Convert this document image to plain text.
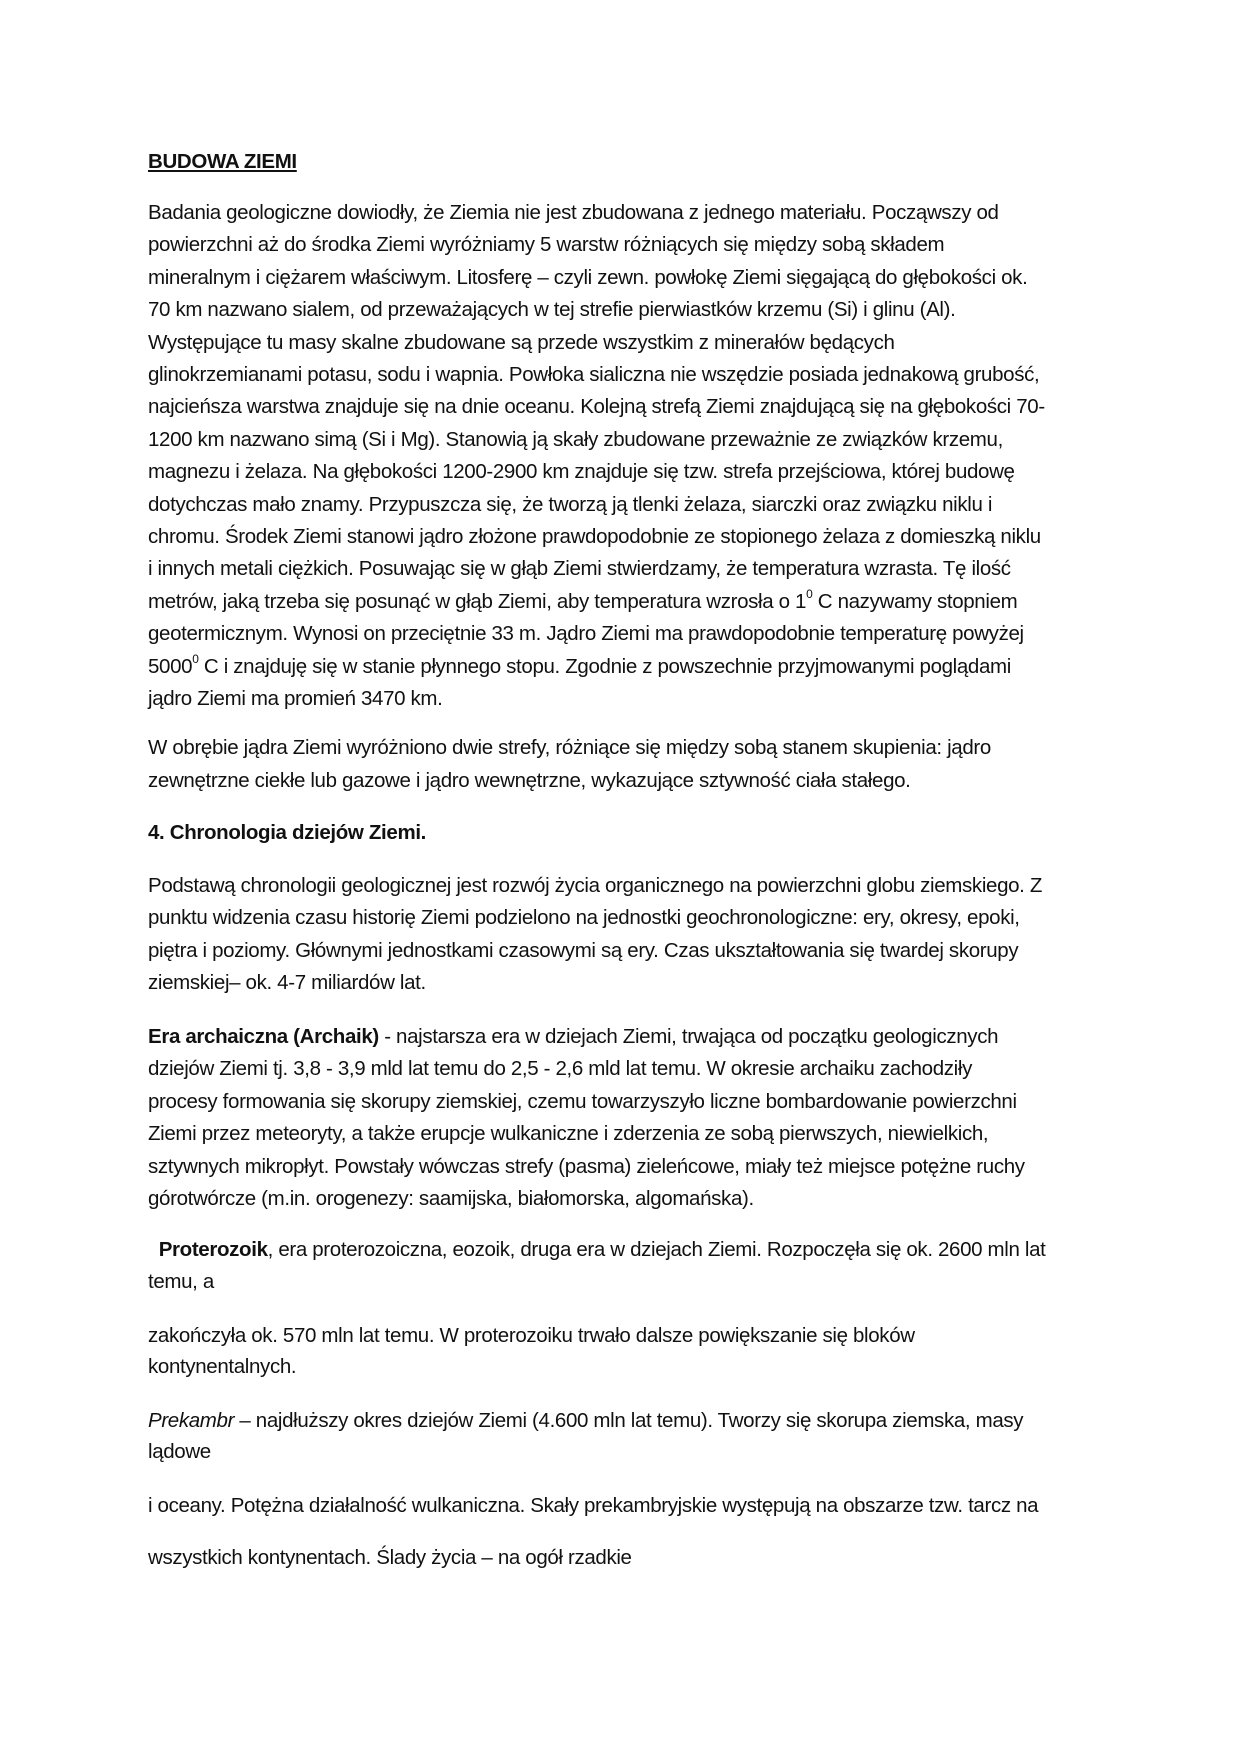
BUDOWA ZIEMI
Badania geologiczne dowiodły, że Ziemia nie jest zbudowana z jednego materiału. Począwszy od
powierzchni aż do środka Ziemi wyróżniamy 5 warstw różniących się między sobą składem
mineralnym i ciężarem właściwym. Litosferę – czyli zewn. powłokę Ziemi sięgającą do głębokości ok.
70 km nazwano sialem, od przeważających w tej strefie pierwiastków krzemu (Si) i glinu (Al).
Występujące tu masy skalne zbudowane są przede wszystkim z minerałów będących
glinokrzemianami potasu, sodu i wapnia. Powłoka sialiczna nie wszędzie posiada jednakową grubość,
najcieńsza warstwa znajduje się na dnie oceanu. Kolejną strefą Ziemi znajdującą się na głębokości 70-
1200 km nazwano simą (Si i Mg). Stanowią ją skały zbudowane przeważnie ze związków krzemu,
magnezu i żelaza. Na głębokości 1200-2900 km znajduje się tzw. strefa przejściowa, której budowę
dotychczas mało znamy. Przypuszcza się, że tworzą ją tlenki żelaza, siarczki oraz związku niklu i
chromu. Środek Ziemi stanowi jądro złożone prawdopodobnie ze stopionego żelaza z domieszką niklu
i innych metali ciężkich. Posuwając się w głąb Ziemi stwierdzamy, że temperatura wzrasta. Tę ilość
metrów, jaką trzeba się posunąć w głąb Ziemi, aby temperatura wzrosła o $1^0$ C nazywamy stopniem
geotermicznym. Wynosi on przeciętnie 33 m. Jądro Ziemi ma prawdopodobnie temperaturę powyżej
5000$^0$ C i znajduję się w stanie płynnego stopu. Zgodnie z powszechnie przyjmowanymi poglądami
jądro Ziemi ma promień 3470 km.
W obrębie jądra Ziemi wyróżniono dwie strefy, różniące się między sobą stanem skupienia: jądro
zewnętrzne ciekłe lub gazowe i jądro wewnętrzne, wykazujące sztywność ciała stałego.
4. Chronologia dziejów Ziemi.
Podstawą chronologii geologicznej jest rozwój życia organicznego na powierzchni globu ziemskiego. Z
punktu widzenia czasu historię Ziemi podzielono na jednostki geochronologiczne: ery, okresy, epoki,
piętra i poziomy. Głównymi jednostkami czasowymi są ery. Czas ukształtowania się twardej skorupy
ziemskiej– ok. 4-7 miliardów lat.
Era archaiczna (Archaik) - najstarsza era w dziejach Ziemi, trwająca od początku geologicznych
dziejów Ziemi tj. 3,8 - 3,9 mld lat temu do 2,5 - 2,6 mld lat temu. W okresie archaiku zachodziły
procesy formowania się skorupy ziemskiej, czemu towarzyszyło liczne bombardowanie powierzchni
Ziemi przez meteoryty, a także erupcje wulkaniczne i zderzenia ze sobą pierwszych, niewielkich,
sztywnych mikropłyt. Powstały wówczas strefy (pasma) zieleńcowe, miały też miejsce potężne ruchy
górotwórcze (m.in. orogenezy: saamijska, białomorska, algomańska).
Proterozoik, era proterozoiczna, eozoik, druga era w dziejach Ziemi. Rozpoczęła się ok. 2600 mln lat
temu, a
zakończyła ok. 570 mln lat temu. W proterozoiku trwało dalsze powiększanie się bloków
kontynentalnych.
Prekambr – najdłuższy okres dziejów Ziemi (4.600 mln lat temu). Tworzy się skorupa ziemska, masy
lądowe
i oceany. Potężna działalność wulkaniczna. Skały prekambryjskie występują na obszarze tzw. tarcz na
wszystkich kontynentach. Ślady życia – na ogół rzadkie
